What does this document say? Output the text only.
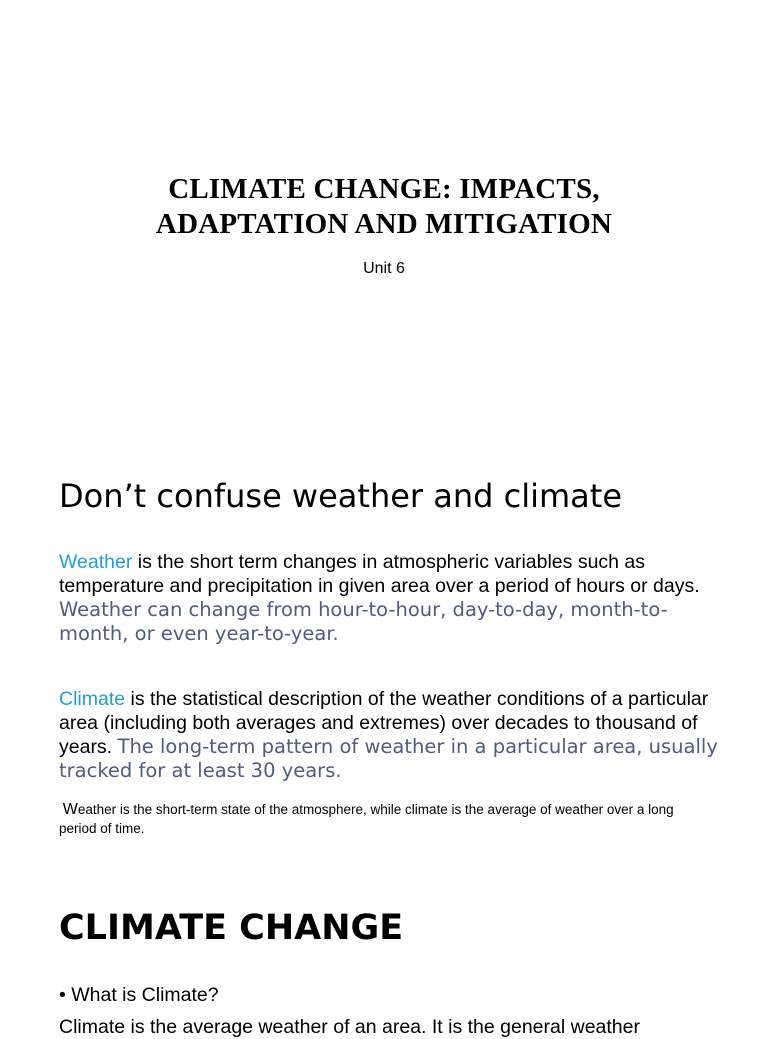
CLIMATE CHANGE: IMPACTS,
ADAPTATION AND MITIGATION
Unit 6
Don’t confuse weather and climate
Weather is the short term changes in atmospheric variables such as temperature and precipitation in given area over a period of hours or days. Weather can change from hour-to-hour, day-to-day, month-to-month, or even year-to-year.
Climate is the statistical description of the weather conditions of a particular area (including both averages and extremes) over decades to thousand of years. The long-term pattern of weather in a particular area, usually tracked for at least 30 years.
Weather is the short-term state of the atmosphere, while climate is the average of weather over a long period of time.
CLIMATE CHANGE
• What is Climate?
Climate is the average weather of an area. It is the general weather
